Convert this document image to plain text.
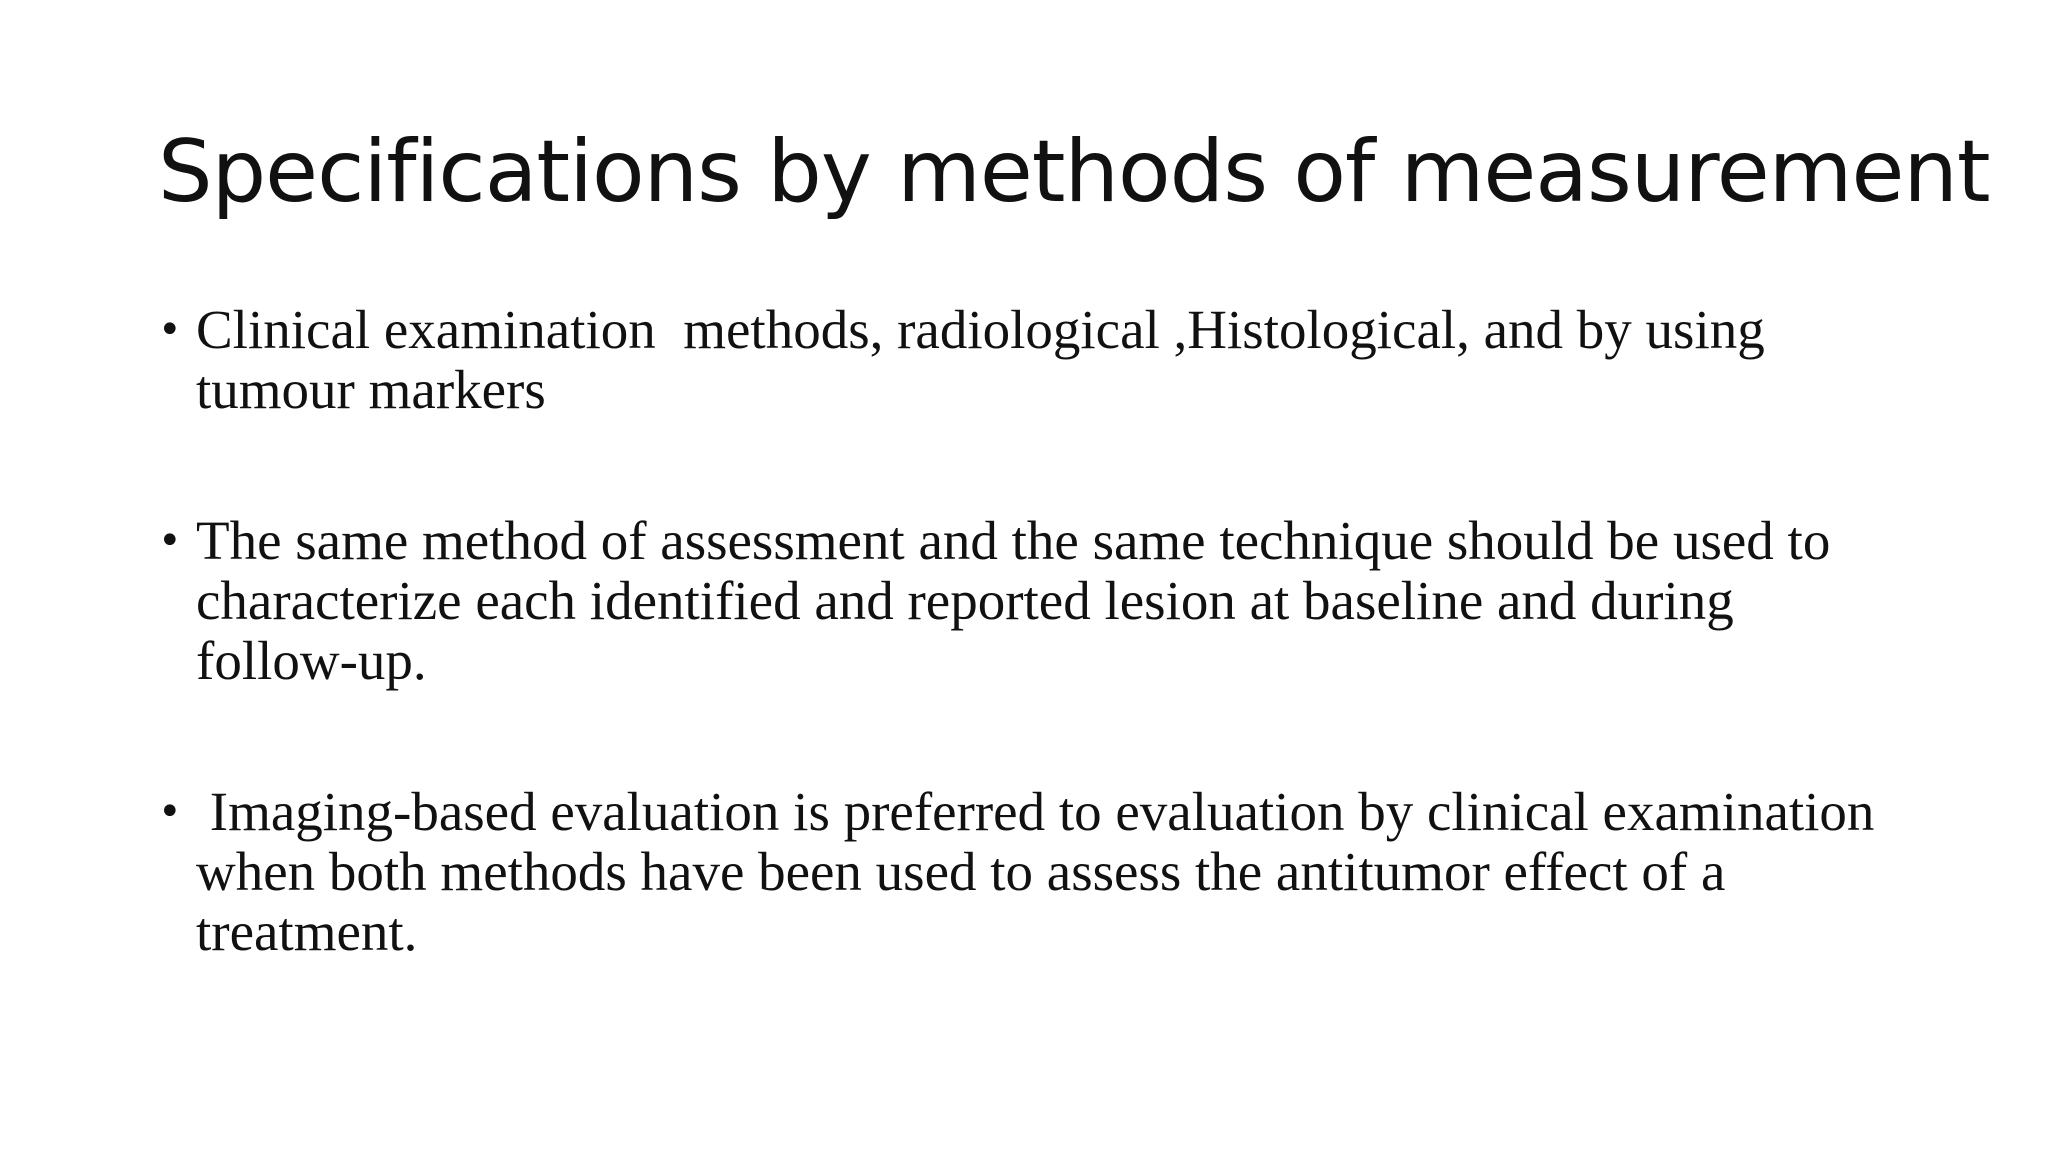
Specifications by methods of measurement
• Clinical examination  methods, radiological ,Histological, and by using tumour markers
• The same method of assessment and the same technique should be used to characterize each identified and reported lesion at baseline and during follow-up.
• Imaging-based evaluation is preferred to evaluation by clinical examination when both methods have been used to assess the antitumor effect of a treatment.
